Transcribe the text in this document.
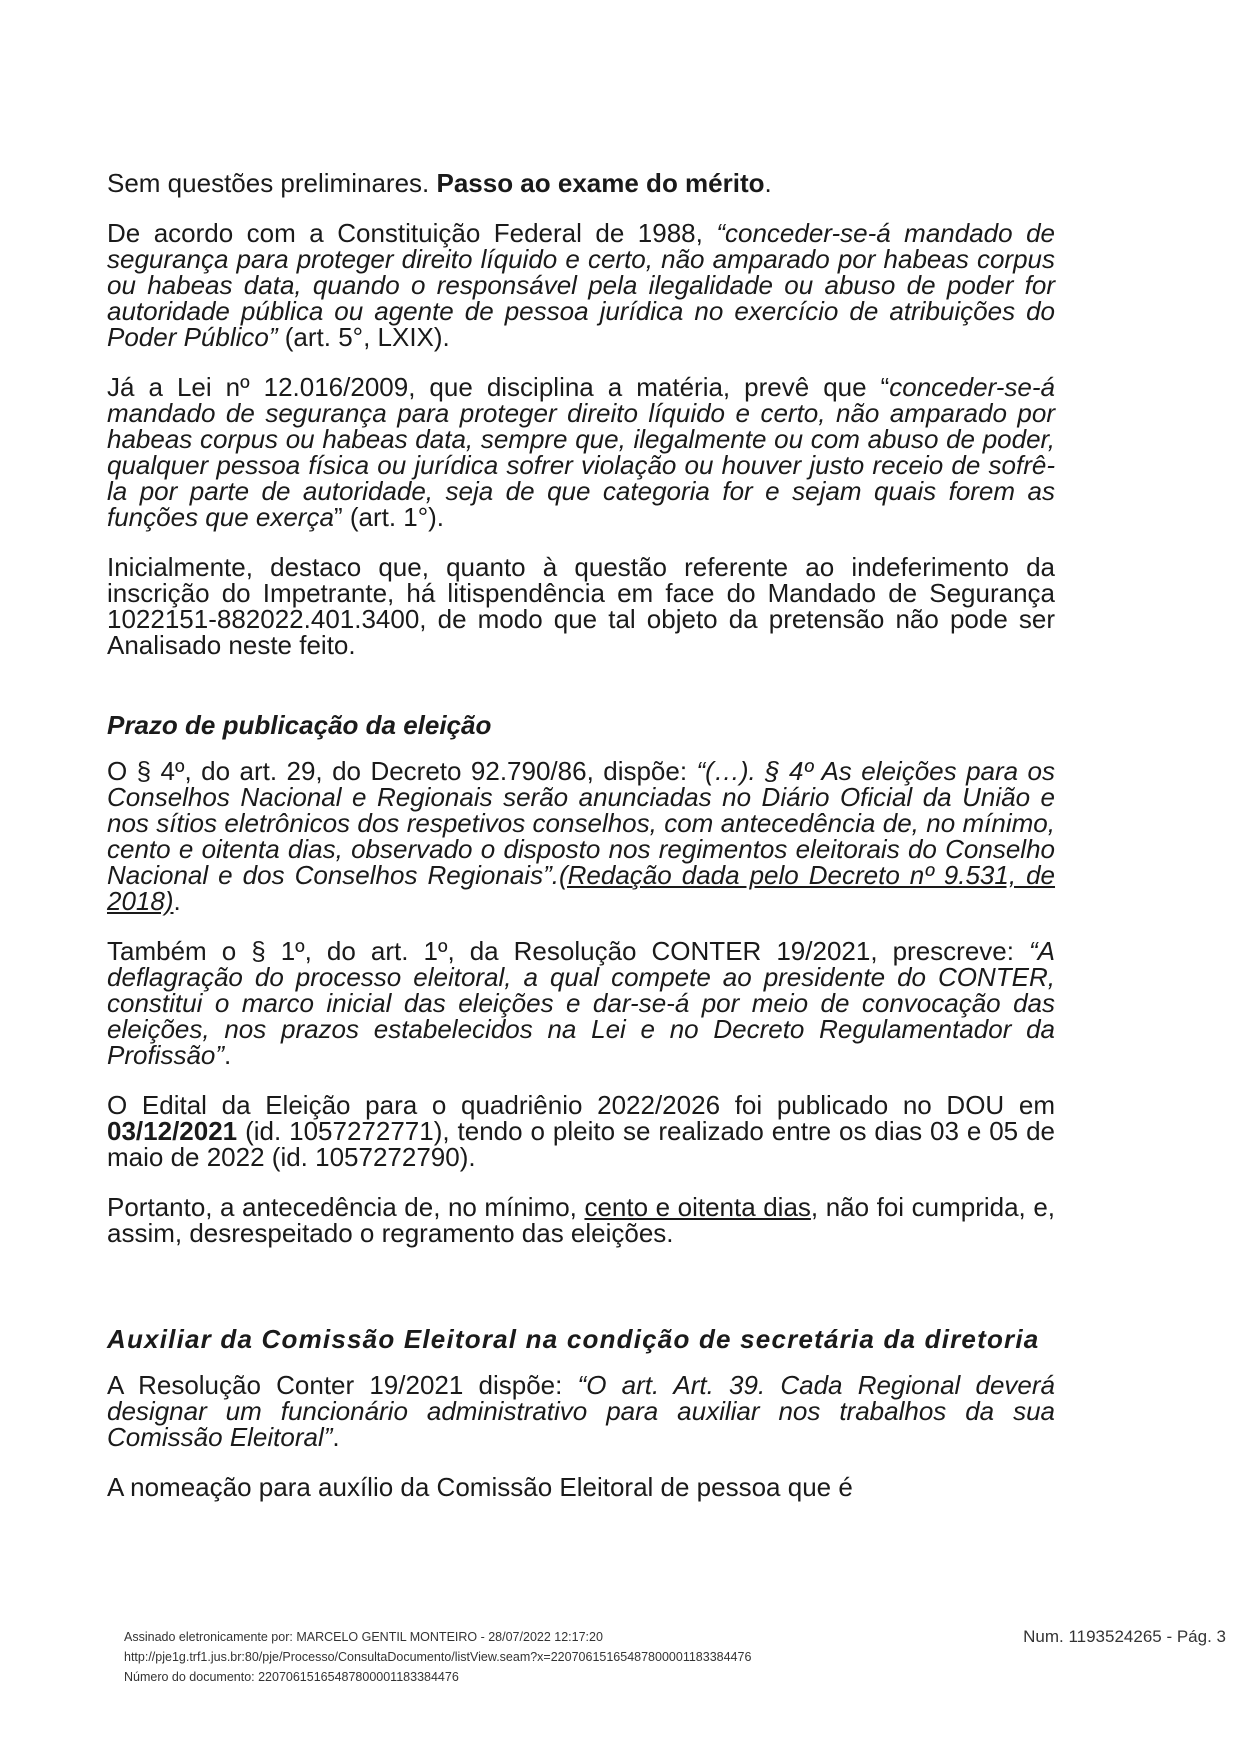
Sem questões preliminares. Passo ao exame do mérito.

De acordo com a Constituição Federal de 1988, “conceder-se-á mandado de segurança para proteger direito líquido e certo, não amparado por habeas corpus ou habeas data, quando o responsável pela ilegalidade ou abuso de poder for autoridade pública ou agente de pessoa jurídica no exercício de atribuições do Poder Público” (art. 5°, LXIX).

Já a Lei nº 12.016/2009, que disciplina a matéria, prevê que “conceder-se-á mandado de segurança para proteger direito líquido e certo, não amparado por habeas corpus ou habeas data, sempre que, ilegalmente ou com abuso de poder, qualquer pessoa física ou jurídica sofrer violação ou houver justo receio de sofrê-la por parte de autoridade, seja de que categoria for e sejam quais forem as funções que exerça” (art. 1°).

Inicialmente, destaco que, quanto à questão referente ao indeferimento da inscrição do Impetrante, há litispendência em face do Mandado de Segurança 1022151-882022.401.3400, de modo que tal objeto da pretensão não pode ser Analisado neste feito.

Prazo de publicação da eleição

O § 4º, do art. 29, do Decreto 92.790/86, dispõe: “(…). § 4º As eleições para os Conselhos Nacional e Regionais serão anunciadas no Diário Oficial da União e nos sítios eletrônicos dos respetivos conselhos, com antecedência de, no mínimo, cento e oitenta dias, observado o disposto nos regimentos eleitorais do Conselho Nacional e dos Conselhos Regionais”.(Redação dada pelo Decreto nº 9.531, de 2018).

Também o § 1º, do art. 1º, da Resolução CONTER 19/2021, prescreve: “A deflagração do processo eleitoral, a qual compete ao presidente do CONTER, constitui o marco inicial das eleições e dar-se-á por meio de convocação das eleições, nos prazos estabelecidos na Lei e no Decreto Regulamentador da Profissão”.

O Edital da Eleição para o quadriênio 2022/2026 foi publicado no DOU em 03/12/2021 (id. 1057272771), tendo o pleito se realizado entre os dias 03 e 05 de maio de 2022 (id. 1057272790).

Portanto, a antecedência de, no mínimo, cento e oitenta dias, não foi cumprida, e, assim, desrespeitado o regramento das eleições.

Auxiliar da Comissão Eleitoral na condição de secretária da diretoria

A Resolução Conter 19/2021 dispõe: “O art. Art. 39. Cada Regional deverá designar um funcionário administrativo para auxiliar nos trabalhos da sua Comissão Eleitoral”.

A nomeação para auxílio da Comissão Eleitoral de pessoa que é

Assinado eletronicamente por: MARCELO GENTIL MONTEIRO - 28/07/2022 12:17:20
http://pje1g.trf1.jus.br:80/pje/Processo/ConsultaDocumento/listView.seam?x=22070615165487800001183384476
Número do documento: 22070615165487800001183384476
Num. 1193524265 - Pág. 3
